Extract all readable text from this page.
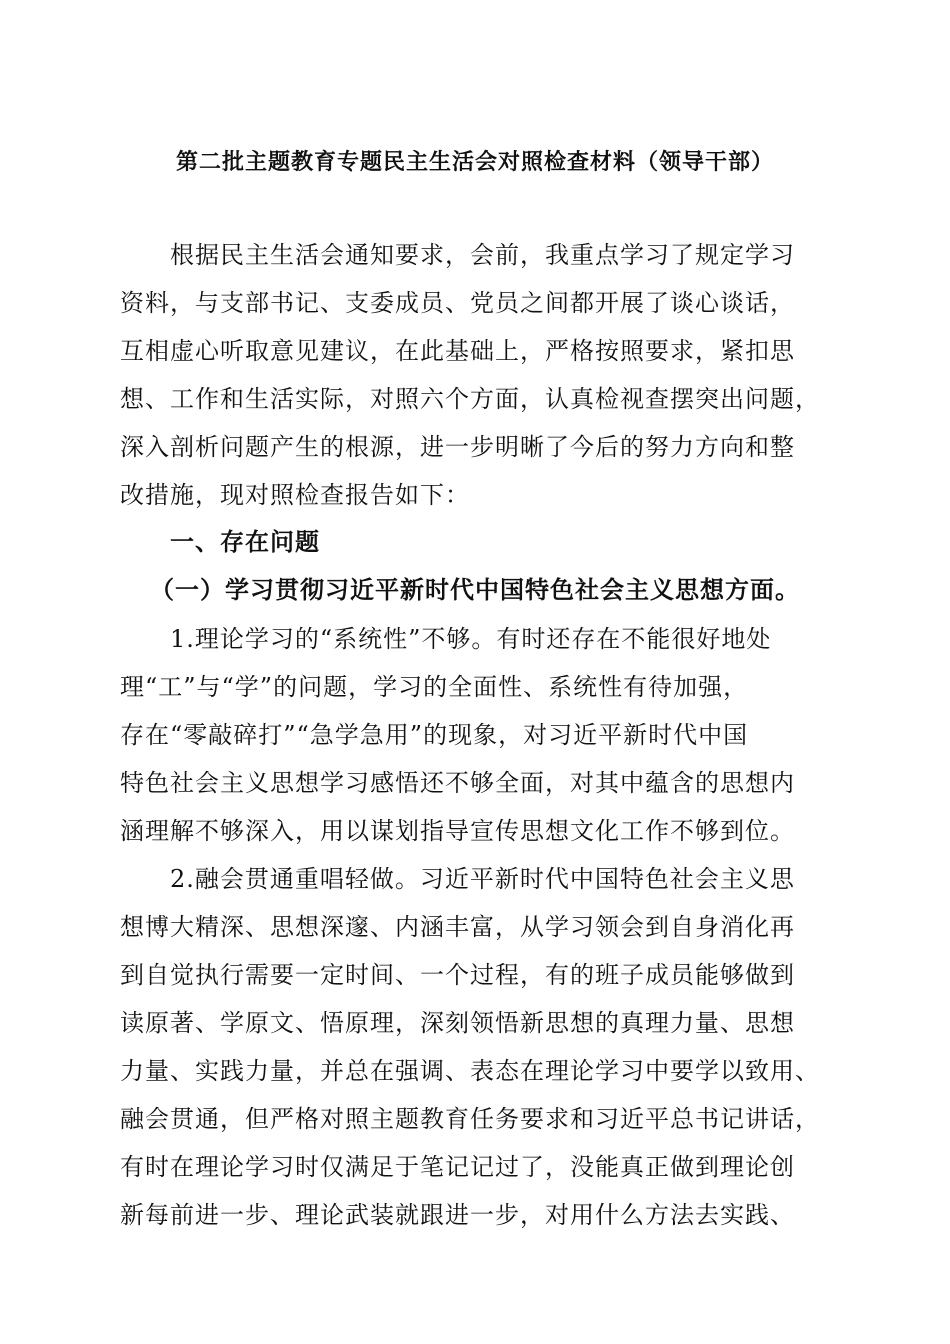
第二批主题教育专题民主生活会对照检查材料（领导干部）
根据民主生活会通知要求，会前，我重点学习了规定学习
资料，与支部书记、支委成员、党员之间都开展了谈心谈话，
互相虚心听取意见建议，在此基础上，严格按照要求，紧扣思
想、工作和生活实际，对照六个方面，认真检视查摆突出问题，
深入剖析问题产生的根源，进一步明晰了今后的努力方向和整
改措施，现对照检查报告如下：
一、存在问题
（一）学习贯彻习近平新时代中国特色社会主义思想方面。
1.理论学习的“系统性”不够。有时还存在不能很好地处
理“工”与“学”的问题，学习的全面性、系统性有待加强，
存在“零敲碎打”“急学急用”的现象，对习近平新时代中国
特色社会主义思想学习感悟还不够全面，对其中蕴含的思想内
涵理解不够深入，用以谋划指导宣传思想文化工作不够到位。
2.融会贯通重唱轻做。习近平新时代中国特色社会主义思
想博大精深、思想深邃、内涵丰富，从学习领会到自身消化再
到自觉执行需要一定时间、一个过程，有的班子成员能够做到
读原著、学原文、悟原理，深刻领悟新思想的真理力量、思想
力量、实践力量，并总在强调、表态在理论学习中要学以致用、
融会贯通，但严格对照主题教育任务要求和习近平总书记讲话，
有时在理论学习时仅满足于笔记记过了，没能真正做到理论创
新每前进一步、理论武装就跟进一步，对用什么方法去实践、
